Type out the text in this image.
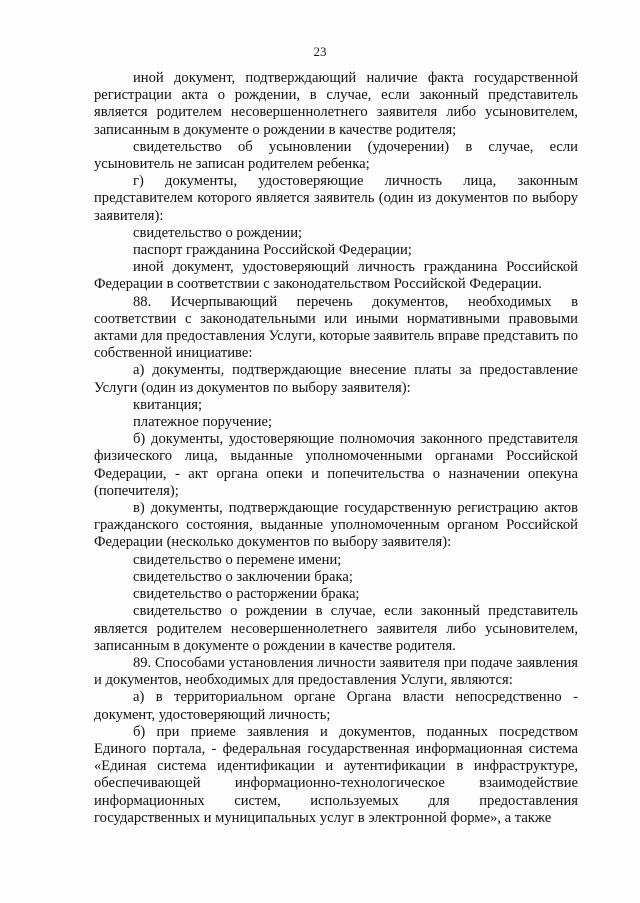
23

иной документ, подтверждающий наличие факта государственной регистрации акта о рождении, в случае, если законный представитель является родителем несовершеннолетнего заявителя либо усыновителем, записанным в документе о рождении в качестве родителя;

свидетельство об усыновлении (удочерении) в случае, если усыновитель не записан родителем ребенка;

г) документы, удостоверяющие личность лица, законным представителем которого является заявитель (один из документов по выбору заявителя):

свидетельство о рождении;

паспорт гражданина Российской Федерации;

иной документ, удостоверяющий личность гражданина Российской Федерации в соответствии с законодательством Российской Федерации.

88. Исчерпывающий перечень документов, необходимых в соответствии с законодательными или иными нормативными правовыми актами для предоставления Услуги, которые заявитель вправе представить по собственной инициативе:

а) документы, подтверждающие внесение платы за предоставление Услуги (один из документов по выбору заявителя):

квитанция;

платежное поручение;

б) документы, удостоверяющие полномочия законного представителя физического лица, выданные уполномоченными органами Российской Федерации, - акт органа опеки и попечительства о назначении опекуна (попечителя);

в) документы, подтверждающие государственную регистрацию актов гражданского состояния, выданные уполномоченным органом Российской Федерации (несколько документов по выбору заявителя):

свидетельство о перемене имени;

свидетельство о заключении брака;

свидетельство о расторжении брака;

свидетельство о рождении в случае, если законный представитель является родителем несовершеннолетнего заявителя либо усыновителем, записанным в документе о рождении в качестве родителя.

89. Способами установления личности заявителя при подаче заявления и документов, необходимых для предоставления Услуги, являются:

а) в территориальном органе Органа власти непосредственно - документ, удостоверяющий личность;

б) при приеме заявления и документов, поданных посредством Единого портала, - федеральная государственная информационная система «Единая система идентификации и аутентификации в инфраструктуре, обеспечивающей информационно-технологическое взаимодействие информационных систем, используемых для предоставления государственных и муниципальных услуг в электронной форме», а также
